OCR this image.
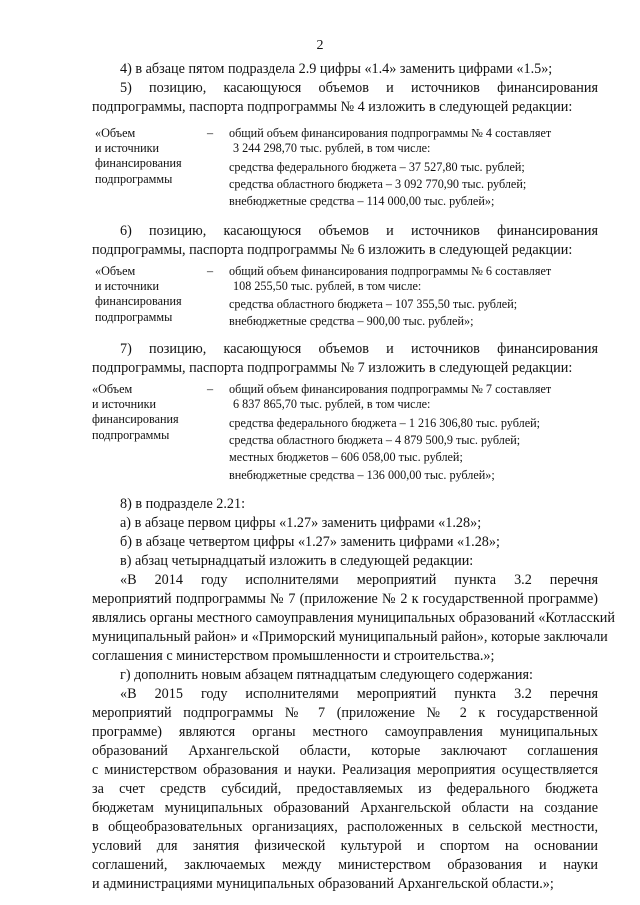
2
4) в абзаце пятом подраздела 2.9 цифры «1.4» заменить цифрами «1.5»;
5) позицию, касающуюся объемов и источников финансирования
подпрограммы, паспорта подпрограммы № 4 изложить в следующей редакции:
«Объем
и источники
финансирования
подпрограммы
– общий объем финансирования подпрограммы № 4 составляет
3 244 298,70 тыс. рублей, в том числе:
средства федерального бюджета – 37 527,80 тыс. рублей;
средства областного бюджета – 3 092 770,90 тыс. рублей;
внебюджетные средства – 114 000,00 тыс. рублей»;
6) позицию, касающуюся объемов и источников финансирования
подпрограммы, паспорта подпрограммы № 6 изложить в следующей редакции:
«Объем
и источники
финансирования
подпрограммы
– общий объем финансирования подпрограммы № 6 составляет
108 255,50 тыс. рублей, в том числе:
средства областного бюджета – 107 355,50 тыс. рублей;
внебюджетные средства – 900,00 тыс. рублей»;
7) позицию, касающуюся объемов и источников финансирования
подпрограммы, паспорта подпрограммы № 7 изложить в следующей редакции:
«Объем
и источники
финансирования
подпрограммы
– общий объем финансирования подпрограммы № 7 составляет
6 837 865,70 тыс. рублей, в том числе:
средства федерального бюджета – 1 216 306,80 тыс. рублей;
средства областного бюджета – 4 879 500,9 тыс. рублей;
местных бюджетов – 606 058,00 тыс. рублей;
внебюджетные средства – 136 000,00 тыс. рублей»;
8) в подразделе 2.21:
а) в абзаце первом цифры «1.27» заменить цифрами «1.28»;
б) в абзаце четвертом цифры «1.27» заменить цифрами «1.28»;
в) абзац четырнадцатый изложить в следующей редакции:
«В 2014 году исполнителями мероприятий пункта 3.2 перечня
мероприятий подпрограммы № 7 (приложение № 2 к государственной программе)
являлись органы местного самоуправления муниципальных образований «Котласский
муниципальный район» и «Приморский муниципальный район», которые заключали
соглашения с министерством промышленности и строительства.»;
г) дополнить новым абзацем пятнадцатым следующего содержания:
«В 2015 году исполнителями мероприятий пункта 3.2 перечня
мероприятий подпрограммы № 7 (приложение № 2 к государственной
программе) являются органы местного самоуправления муниципальных
образований Архангельской области, которые заключают соглашения
с министерством образования и науки. Реализация мероприятия осуществляется
за счет средств субсидий, предоставляемых из федерального бюджета
бюджетам муниципальных образований Архангельской области на создание
в общеобразовательных организациях, расположенных в сельской местности,
условий для занятия физической культурой и спортом на основании
соглашений, заключаемых между министерством образования и науки
и администрациями муниципальных образований Архангельской области.»;
